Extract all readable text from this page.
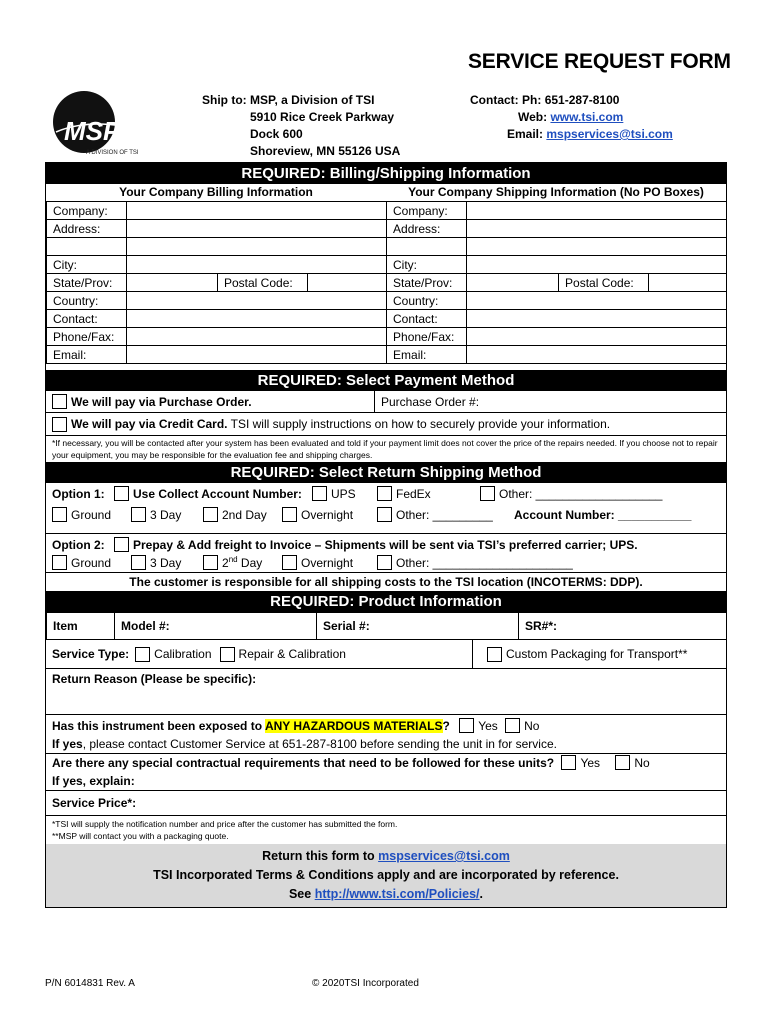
SERVICE REQUEST FORM
MSP
A DIVISION OF TSI
Ship to: MSP, a Division of TSI
5910 Rice Creek Parkway
Dock 600
Shoreview, MN 55126 USA
Contact: Ph: 651-287-8100
Web: www.tsi.com
Email: mspservices@tsi.com
REQUIRED: Billing/Shipping Information
Your Company Billing Information	Your Company Shipping Information (No PO Boxes)
Company:				Company:			
Address:				Address:			

City:				City:			
State/Prov:		Postal Code:		State/Prov:		Postal Code:	
Country:				Country:			
Contact:				Contact:			
Phone/Fax:				Phone/Fax:			
Email:				Email:			
REQUIRED: Select Payment Method
We will pay via Purchase Order.	Purchase Order #:
We will pay via Credit Card. TSI will supply instructions on how to securely provide your information.
*If necessary, you will be contacted after your system has been evaluated and told if your payment limit does not cover the price of the repairs needed. If you choose not to repair your equipment, you may be responsible for the evaluation fee and shipping charges.
REQUIRED: Select Return Shipping Method
Option 1:	Use Collect Account Number:	UPS	FedEx	Other: ___________________
Ground	3 Day	2nd Day	Overnight	Other: _________ Account Number: ___________
Option 2:	Prepay & Add freight to Invoice – Shipments will be sent via TSI’s preferred carrier; UPS.
Ground	3 Day	2nd Day	Overnight	Other: _____________________
The customer is responsible for all shipping costs to the TSI location (INCOTERMS: DDP).
REQUIRED: Product Information
Item	Model #:	Serial #:	SR#*:
Service Type: Calibration Repair & Calibration	Custom Packaging for Transport**
Return Reason (Please be specific):
Has this instrument been exposed to ANY HAZARDOUS MATERIALS? Yes No
If yes, please contact Customer Service at 651-287-8100 before sending the unit in for service.
Are there any special contractual requirements that need to be followed for these units? Yes	No
If yes, explain:
Service Price*:
*TSI will supply the notification number and price after the customer has submitted the form.
**MSP will contact you with a packaging quote.
Return this form to mspservices@tsi.com
TSI Incorporated Terms & Conditions apply and are incorporated by reference.
See http://www.tsi.com/Policies/.
P/N 6014831 Rev. A	© 2020TSI Incorporated
